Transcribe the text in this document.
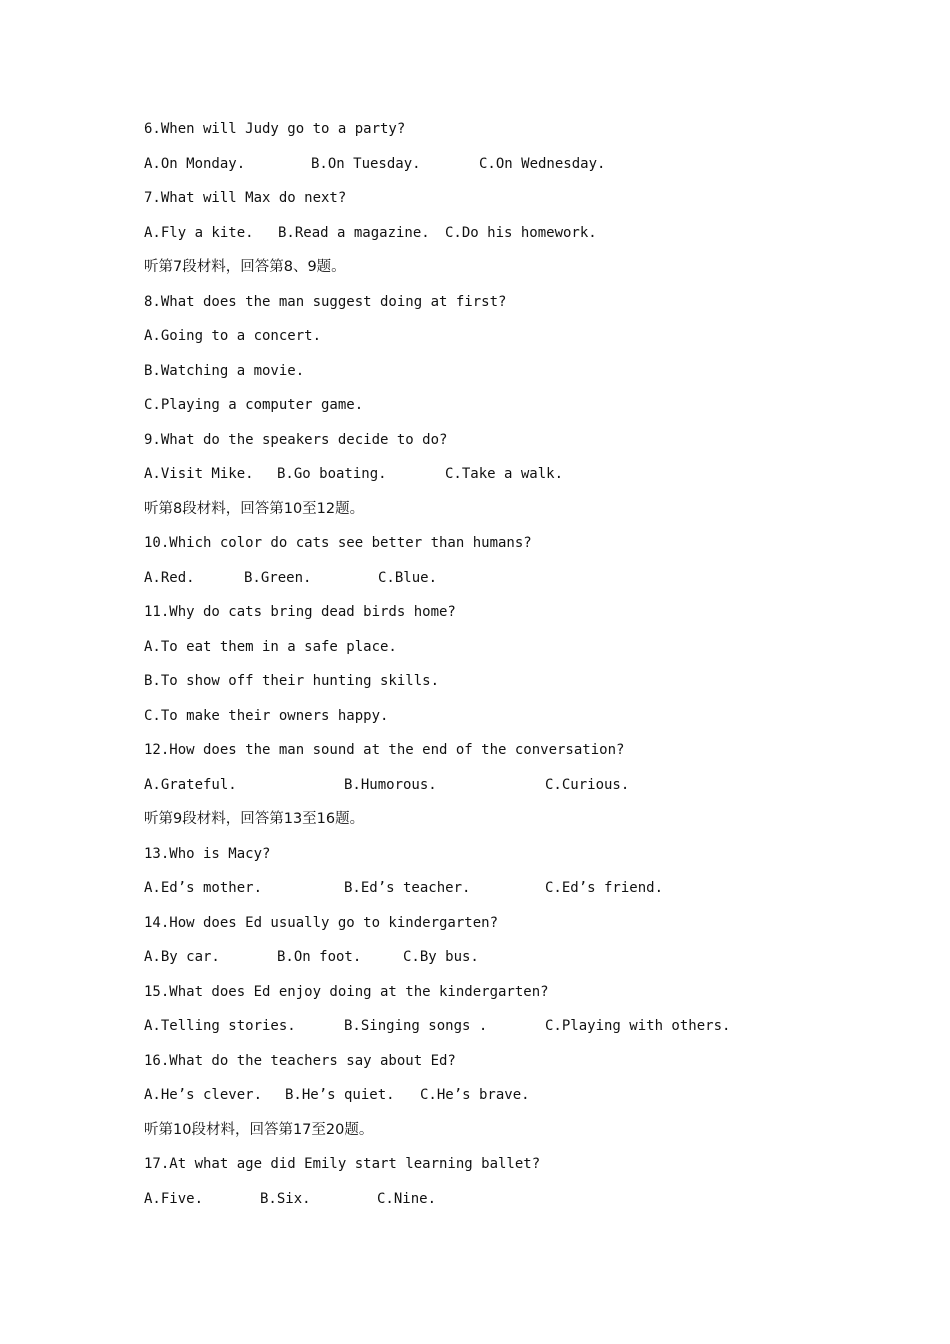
6.When will Judy go to a party?
A.On Monday.	B.On Tuesday.	C.On Wednesday.
7.What will Max do next?
A.Fly a kite.	B.Read a magazine.	C.Do his homework.
听第7段材料，回答第8、9题。
8.What does the man suggest doing at first?
A.Going to a concert.
B.Watching a movie.
C.Playing a computer game.
9.What do the speakers decide to do?
A.Visit Mike.	B.Go boating.	C.Take a walk.
听第8段材料，回答第10至12题。
10.Which color do cats see better than humans?
A.Red.	B.Green.	C.Blue.
11.Why do cats bring dead birds home?
A.To eat them in a safe place.
B.To show off their hunting skills.
C.To make their owners happy.
12.How does the man sound at the end of the conversation?
A.Grateful.	B.Humorous.	C.Curious.
听第9段材料，回答第13至16题。
13.Who is Macy?
A.Ed’s mother.	B.Ed’s teacher.	C.Ed’s friend.
14.How does Ed usually go to kindergarten?
A.By car.	B.On foot.	C.By bus.
15.What does Ed enjoy doing at the kindergarten?
A.Telling stories.	B.Singing songs .	C.Playing with others.
16.What do the teachers say about Ed?
A.He’s clever.	B.He’s quiet.	C.He’s brave.
听第10段材料，回答第17至20题。
17.At what age did Emily start learning ballet?
A.Five.	B.Six.	C.Nine.
